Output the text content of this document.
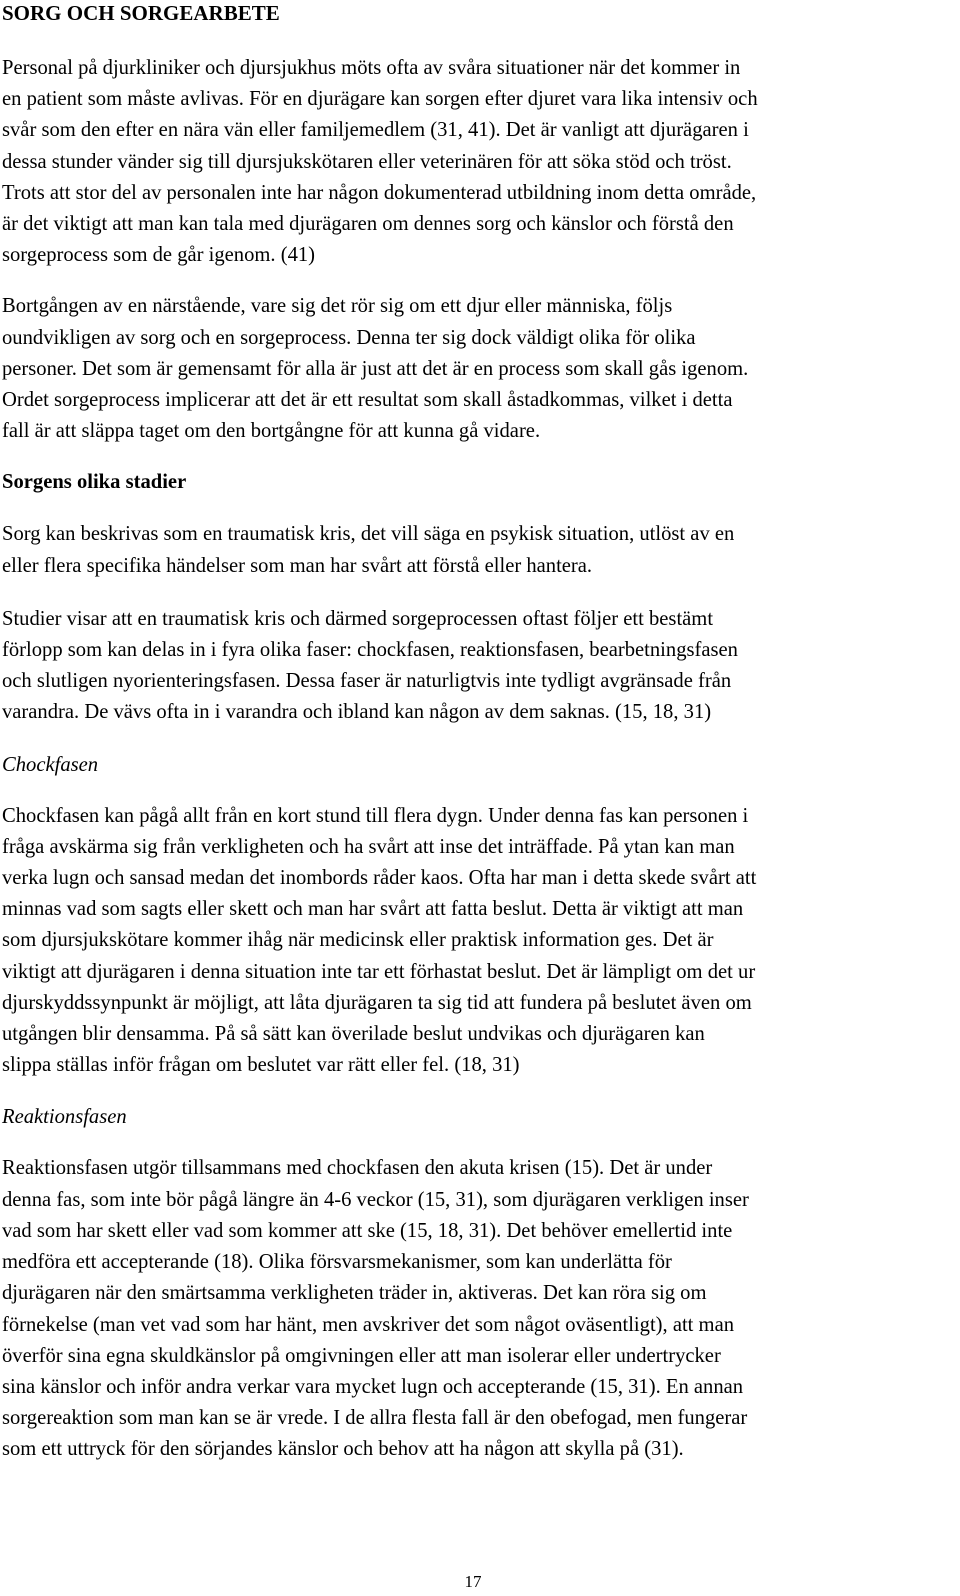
SORG OCH SORGEARBETE

Personal på djurkliniker och djursjukhus möts ofta av svåra situationer när det kommer in
en patient som måste avlivas. För en djurägare kan sorgen efter djuret vara lika intensiv och
svår som den efter en nära vän eller familjemedlem (31, 41). Det är vanligt att djurägaren i
dessa stunder vänder sig till djursjukskötaren eller veterinären för att söka stöd och tröst.
Trots att stor del av personalen inte har någon dokumenterad utbildning inom detta område,
är det viktigt att man kan tala med djurägaren om dennes sorg och känslor och förstå den
sorgeprocess som de går igenom. (41)

Bortgången av en närstående, vare sig det rör sig om ett djur eller människa, följs
oundvikligen av sorg och en sorgeprocess. Denna ter sig dock väldigt olika för olika
personer. Det som är gemensamt för alla är just att det är en process som skall gås igenom.
Ordet sorgeprocess implicerar att det är ett resultat som skall åstadkommas, vilket i detta
fall är att släppa taget om den bortgångne för att kunna gå vidare.

Sorgens olika stadier

Sorg kan beskrivas som en traumatisk kris, det vill säga en psykisk situation, utlöst av en
eller flera specifika händelser som man har svårt att förstå eller hantera.

Studier visar att en traumatisk kris och därmed sorgeprocessen oftast följer ett bestämt
förlopp som kan delas in i fyra olika faser: chockfasen, reaktionsfasen, bearbetningsfasen
och slutligen nyorienteringsfasen. Dessa faser är naturligtvis inte tydligt avgränsade från
varandra. De vävs ofta in i varandra och ibland kan någon av dem saknas. (15, 18, 31)

Chockfasen

Chockfasen kan pågå allt från en kort stund till flera dygn. Under denna fas kan personen i
fråga avskärma sig från verkligheten och ha svårt att inse det inträffade. På ytan kan man
verka lugn och sansad medan det inombords råder kaos. Ofta har man i detta skede svårt att
minnas vad som sagts eller skett och man har svårt att fatta beslut. Detta är viktigt att man
som djursjukskötare kommer ihåg när medicinsk eller praktisk information ges. Det är
viktigt att djurägaren i denna situation inte tar ett förhastat beslut. Det är lämpligt om det ur
djurskyddssynpunkt är möjligt, att låta djurägaren ta sig tid att fundera på beslutet även om
utgången blir densamma. På så sätt kan överilade beslut undvikas och djurägaren kan
slippa ställas inför frågan om beslutet var rätt eller fel. (18, 31)

Reaktionsfasen

Reaktionsfasen utgör tillsammans med chockfasen den akuta krisen (15). Det är under
denna fas, som inte bör pågå längre än 4-6 veckor (15, 31), som djurägaren verkligen inser
vad som har skett eller vad som kommer att ske (15, 18, 31). Det behöver emellertid inte
medföra ett accepterande (18). Olika försvarsmekanismer, som kan underlätta för
djurägaren när den smärtsamma verkligheten träder in, aktiveras. Det kan röra sig om
förnekelse (man vet vad som har hänt, men avskriver det som något oväsentligt), att man
överför sina egna skuldkänslor på omgivningen eller att man isolerar eller undertrycker
sina känslor och inför andra verkar vara mycket lugn och accepterande (15, 31). En annan
sorgereaktion som man kan se är vrede. I de allra flesta fall är den obefogad, men fungerar
som ett uttryck för den sörjandes känslor och behov att ha någon att skylla på (31).

17
